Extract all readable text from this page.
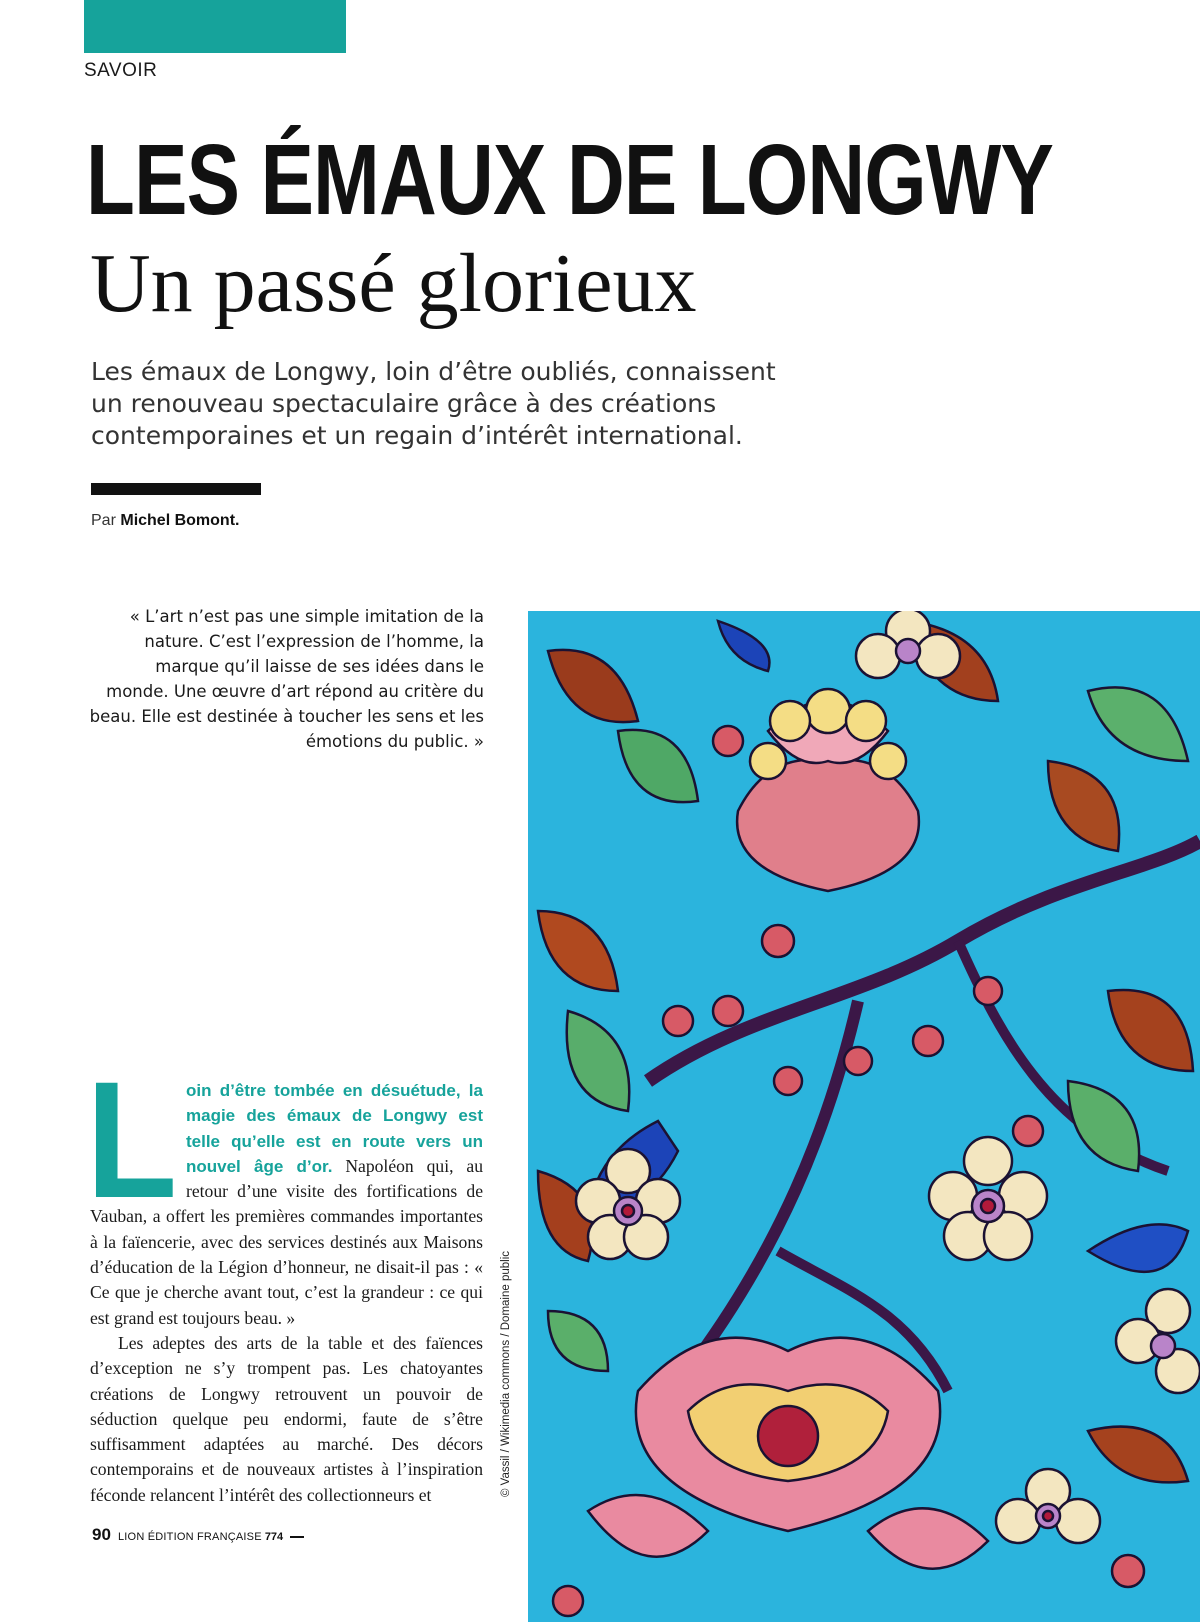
SAVOIR
LES ÉMAUX DE LONGWY
Un passé glorieux

Les émaux de Longwy, loin d’être oubliés, connaissent un renouveau spectaculaire grâce à des créations contemporaines et un regain d’intérêt international.

Par Michel Bomont.

« L’art n’est pas une simple imitation de la nature. C’est l’expression de l’homme, la marque qu’il laisse de ses idées dans le monde. Une œuvre d’art répond au critère du beau. Elle est destinée à toucher les sens et les émotions du public. »

© Vassil / Wikimedia commons / Domaine public

L oin d’être tombée en désuétude, la magie des émaux de Longwy est telle qu’elle est en route vers un nouvel âge d’or. Napoléon qui, au retour d’une visite des fortifications de Vauban, a offert les premières commandes importantes à la faïencerie, avec des services destinés aux Maisons d’éducation de la Légion d’honneur, ne disait-il pas : « Ce que je cherche avant tout, c’est la grandeur : ce qui est grand est toujours beau. »

Les adeptes des arts de la table et des faïences d’exception ne s’y trompent pas. Les chatoyantes créations de Longwy retrouvent un pouvoir de séduction quelque peu endormi, faute de s’être suffisamment adaptées au marché. Des décors contemporains et de nouveaux artistes à l’inspiration féconde relancent l’intérêt des collectionneurs et

90 LION ÉDITION FRANÇAISE 774
